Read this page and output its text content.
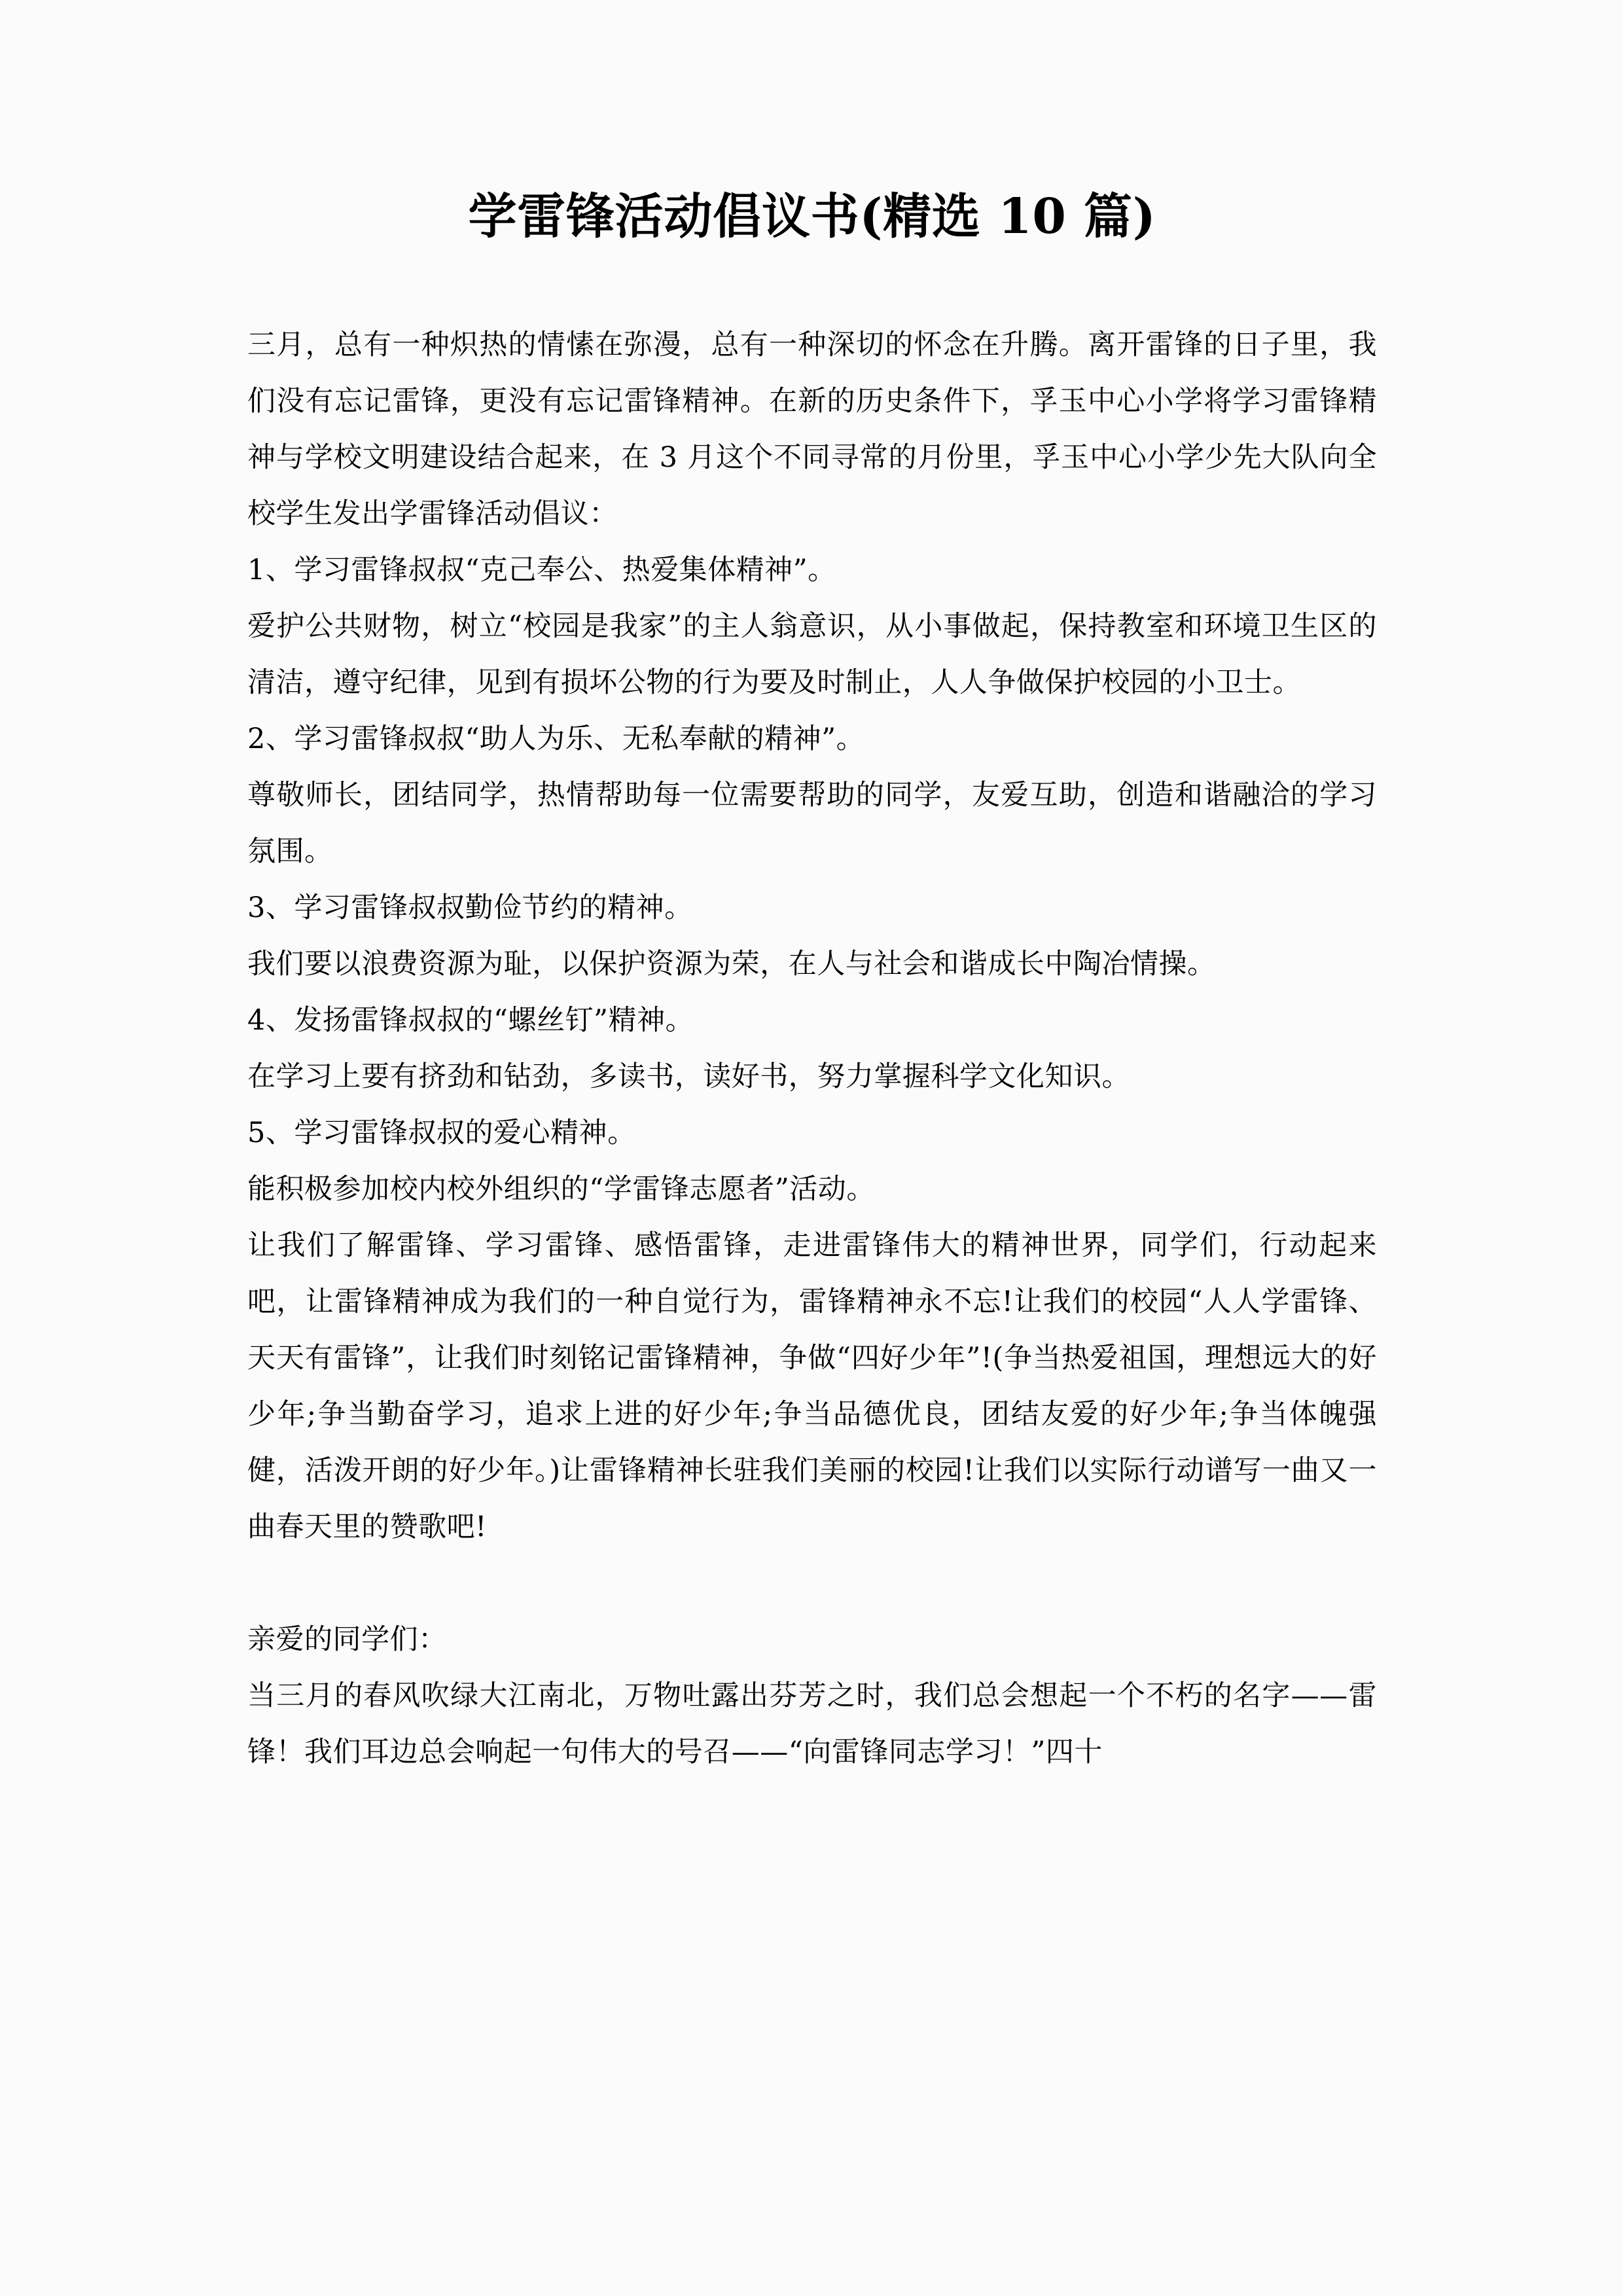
学雷锋活动倡议书(精选 10 篇)

三月，总有一种炽热的情愫在弥漫，总有一种深切的怀念在升腾。离开雷锋的日子里，我们没有忘记雷锋，更没有忘记雷锋精神。在新的历史条件下，孚玉中心小学将学习雷锋精神与学校文明建设结合起来，在 3 月这个不同寻常的月份里，孚玉中心小学少先大队向全校学生发出学雷锋活动倡议：

1、学习雷锋叔叔“克己奉公、热爱集体精神”。

爱护公共财物，树立“校园是我家”的主人翁意识，从小事做起，保持教室和环境卫生区的清洁，遵守纪律，见到有损坏公物的行为要及时制止，人人争做保护校园的小卫士。

2、学习雷锋叔叔“助人为乐、无私奉献的精神”。

尊敬师长，团结同学，热情帮助每一位需要帮助的同学，友爱互助，创造和谐融洽的学习氛围。

3、学习雷锋叔叔勤俭节约的精神。

我们要以浪费资源为耻，以保护资源为荣，在人与社会和谐成长中陶冶情操。

4、发扬雷锋叔叔的“螺丝钉”精神。

在学习上要有挤劲和钻劲，多读书，读好书，努力掌握科学文化知识。

5、学习雷锋叔叔的爱心精神。

能积极参加校内校外组织的“学雷锋志愿者”活动。

让我们了解雷锋、学习雷锋、感悟雷锋，走进雷锋伟大的精神世界，同学们，行动起来吧，让雷锋精神成为我们的一种自觉行为，雷锋精神永不忘!让我们的校园“人人学雷锋、天天有雷锋”，让我们时刻铭记雷锋精神，争做“四好少年”!(争当热爱祖国，理想远大的好少年;争当勤奋学习，追求上进的好少年;争当品德优良，团结友爱的好少年;争当体魄强健，活泼开朗的好少年。)让雷锋精神长驻我们美丽的校园!让我们以实际行动谱写一曲又一曲春天里的赞歌吧!

亲爱的同学们：

当三月的春风吹绿大江南北，万物吐露出芬芳之时，我们总会想起一个不朽的名字——雷锋！我们耳边总会响起一句伟大的号召——“向雷锋同志学习！”四十
